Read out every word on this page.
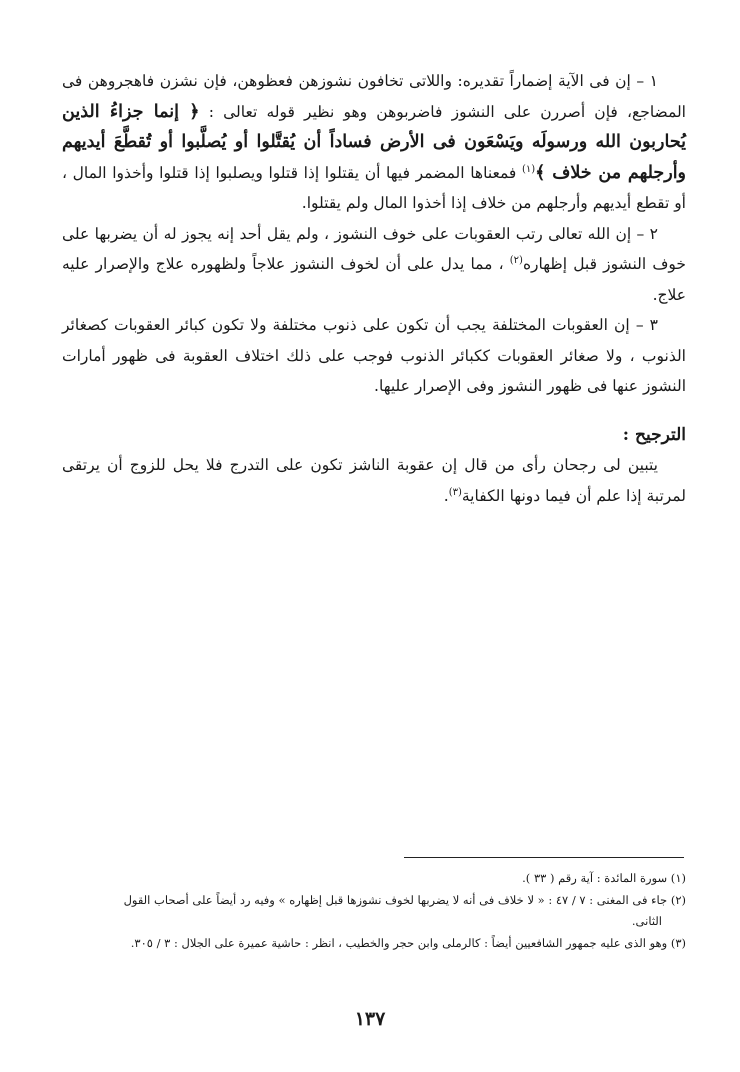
١ – إن فى الآية إضماراً تقديره: واللاتى تخافون نشوزهن فعظوهن، فإن نشزن فاهجروهن فى المضاجع، فإن أصررن على النشوز فاضربوهن وهو نظير قوله تعالى : ﴿ إنما جزاءُ الذين يُحاربون الله ورسولَه ويَسْعَون فى الأرض فساداً أن يُقتَّلوا أو يُصلَّبوا أو تُقطَّعَ أيديهم وأرجلهم من خلاف ﴾$^{(١)}$ فمعناها المضمر فيها أن يقتلوا إذا قتلوا ويصلبوا إذا قتلوا وأخذوا المال ، أو تقطع أيديهم وأرجلهم من خلاف إذا أخذوا المال ولم يقتلوا.

٢ – إن الله تعالى رتب العقوبات على خوف النشوز ، ولم يقل أحد إنه يجوز له أن يضربها على خوف النشوز قبل إظهاره$^{(٢)}$ ، مما يدل على أن لخوف النشوز علاجاً ولظهوره علاج والإصرار عليه علاج.

٣ – إن العقوبات المختلفة يجب أن تكون على ذنوب مختلفة ولا تكون كبائر العقوبات كصغائر الذنوب ، ولا صغائر العقوبات ككبائر الذنوب فوجب على ذلك اختلاف العقوبة فى ظهور أمارات النشوز عنها فى ظهور النشوز وفى الإصرار عليها.

الترجيح :

يتبين لى رجحان رأى من قال إن عقوبة الناشز تكون على التدرج فلا يحل للزوج أن يرتقى لمرتبة إذا علم أن فيما دونها الكفاية$^{(٣)}$.

(١) سورة المائدة : آية رقم ( ٣٣ ).

(٢) جاء فى المغنى : ٧ / ٤٧ : « لا خلاف فى أنه لا يضربها لخوف نشوزها قبل إظهاره » وفيه رد أيضاً على أصحاب القول

الثانى.

(٣) وهو الذى عليه جمهور الشافعيين أيضاً : كالرملى وابن حجر والخطيب ، انظر : حاشية عميرة على الجلال : ٣ / ٣٠٥.

١٣٧
